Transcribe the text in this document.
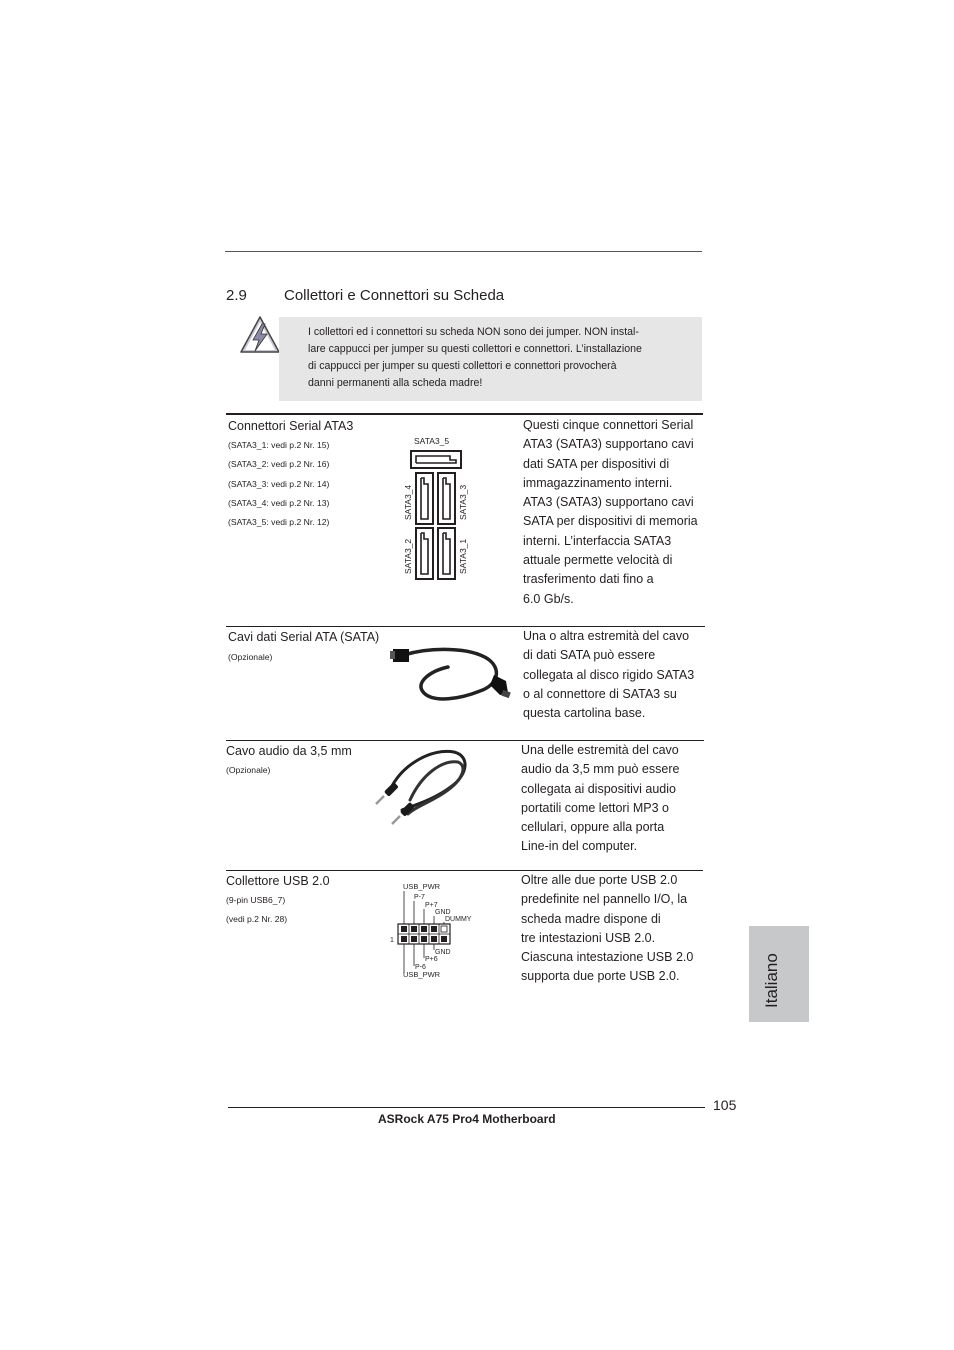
2.9 Collettori e Connettori su Scheda

I collettori ed i connettori su scheda NON sono dei jumper. NON instal-

lare cappucci per jumper su questi collettori e connettori. L’installazione

di cappucci per jumper su questi collettori e connettori provocherà

danni permanenti alla scheda madre!

Connettori Serial ATA3
(SATA3_1: vedi p.2 Nr. 15)
(SATA3_2: vedi p.2 Nr. 16)
(SATA3_3: vedi p.2 Nr. 14)
(SATA3_4: vedi p.2 Nr. 13)
(SATA3_5: vedi p.2 Nr. 12)
SATA3_5
SATA3_4	SATA3_3
SATA3_2	SATA3_1
Questi cinque connettori Serial
ATA3 (SATA3) supportano cavi
dati SATA per dispositivi di
immagazzinamento interni.
ATA3 (SATA3) supportano cavi
SATA per dispositivi di memoria
interni. L’interfaccia SATA3
attuale permette velocità di
trasferimento dati fino a
6.0 Gb/s.
Cavi dati Serial ATA (SATA)
(Opzionale)
Una o altra estremità del cavo
di dati SATA può essere
collegata al disco rigido SATA3
o al connettore di SATA3 su
questa cartolina base.
Cavo audio da 3,5 mm
(Opzionale)
Una delle estremità del cavo
audio da 3,5 mm può essere
collegata ai dispositivi audio
portatili come lettori MP3 o
cellulari, oppure alla porta
Line-in del computer.
Collettore USB 2.0
(9-pin USB6_7)
(vedi p.2 Nr. 28)
USB_PWR
P-7
P+7
GND
DUMMY
1
GND
P+6
P-6
USB_PWR
Oltre alle due porte USB 2.0
predefinite nel pannello I/O, la
scheda madre dispone di
tre intestazioni USB 2.0.
Ciascuna intestazione USB 2.0
supporta due porte USB 2.0.	Italiano
105
ASRock A75 Pro4 Motherboard
